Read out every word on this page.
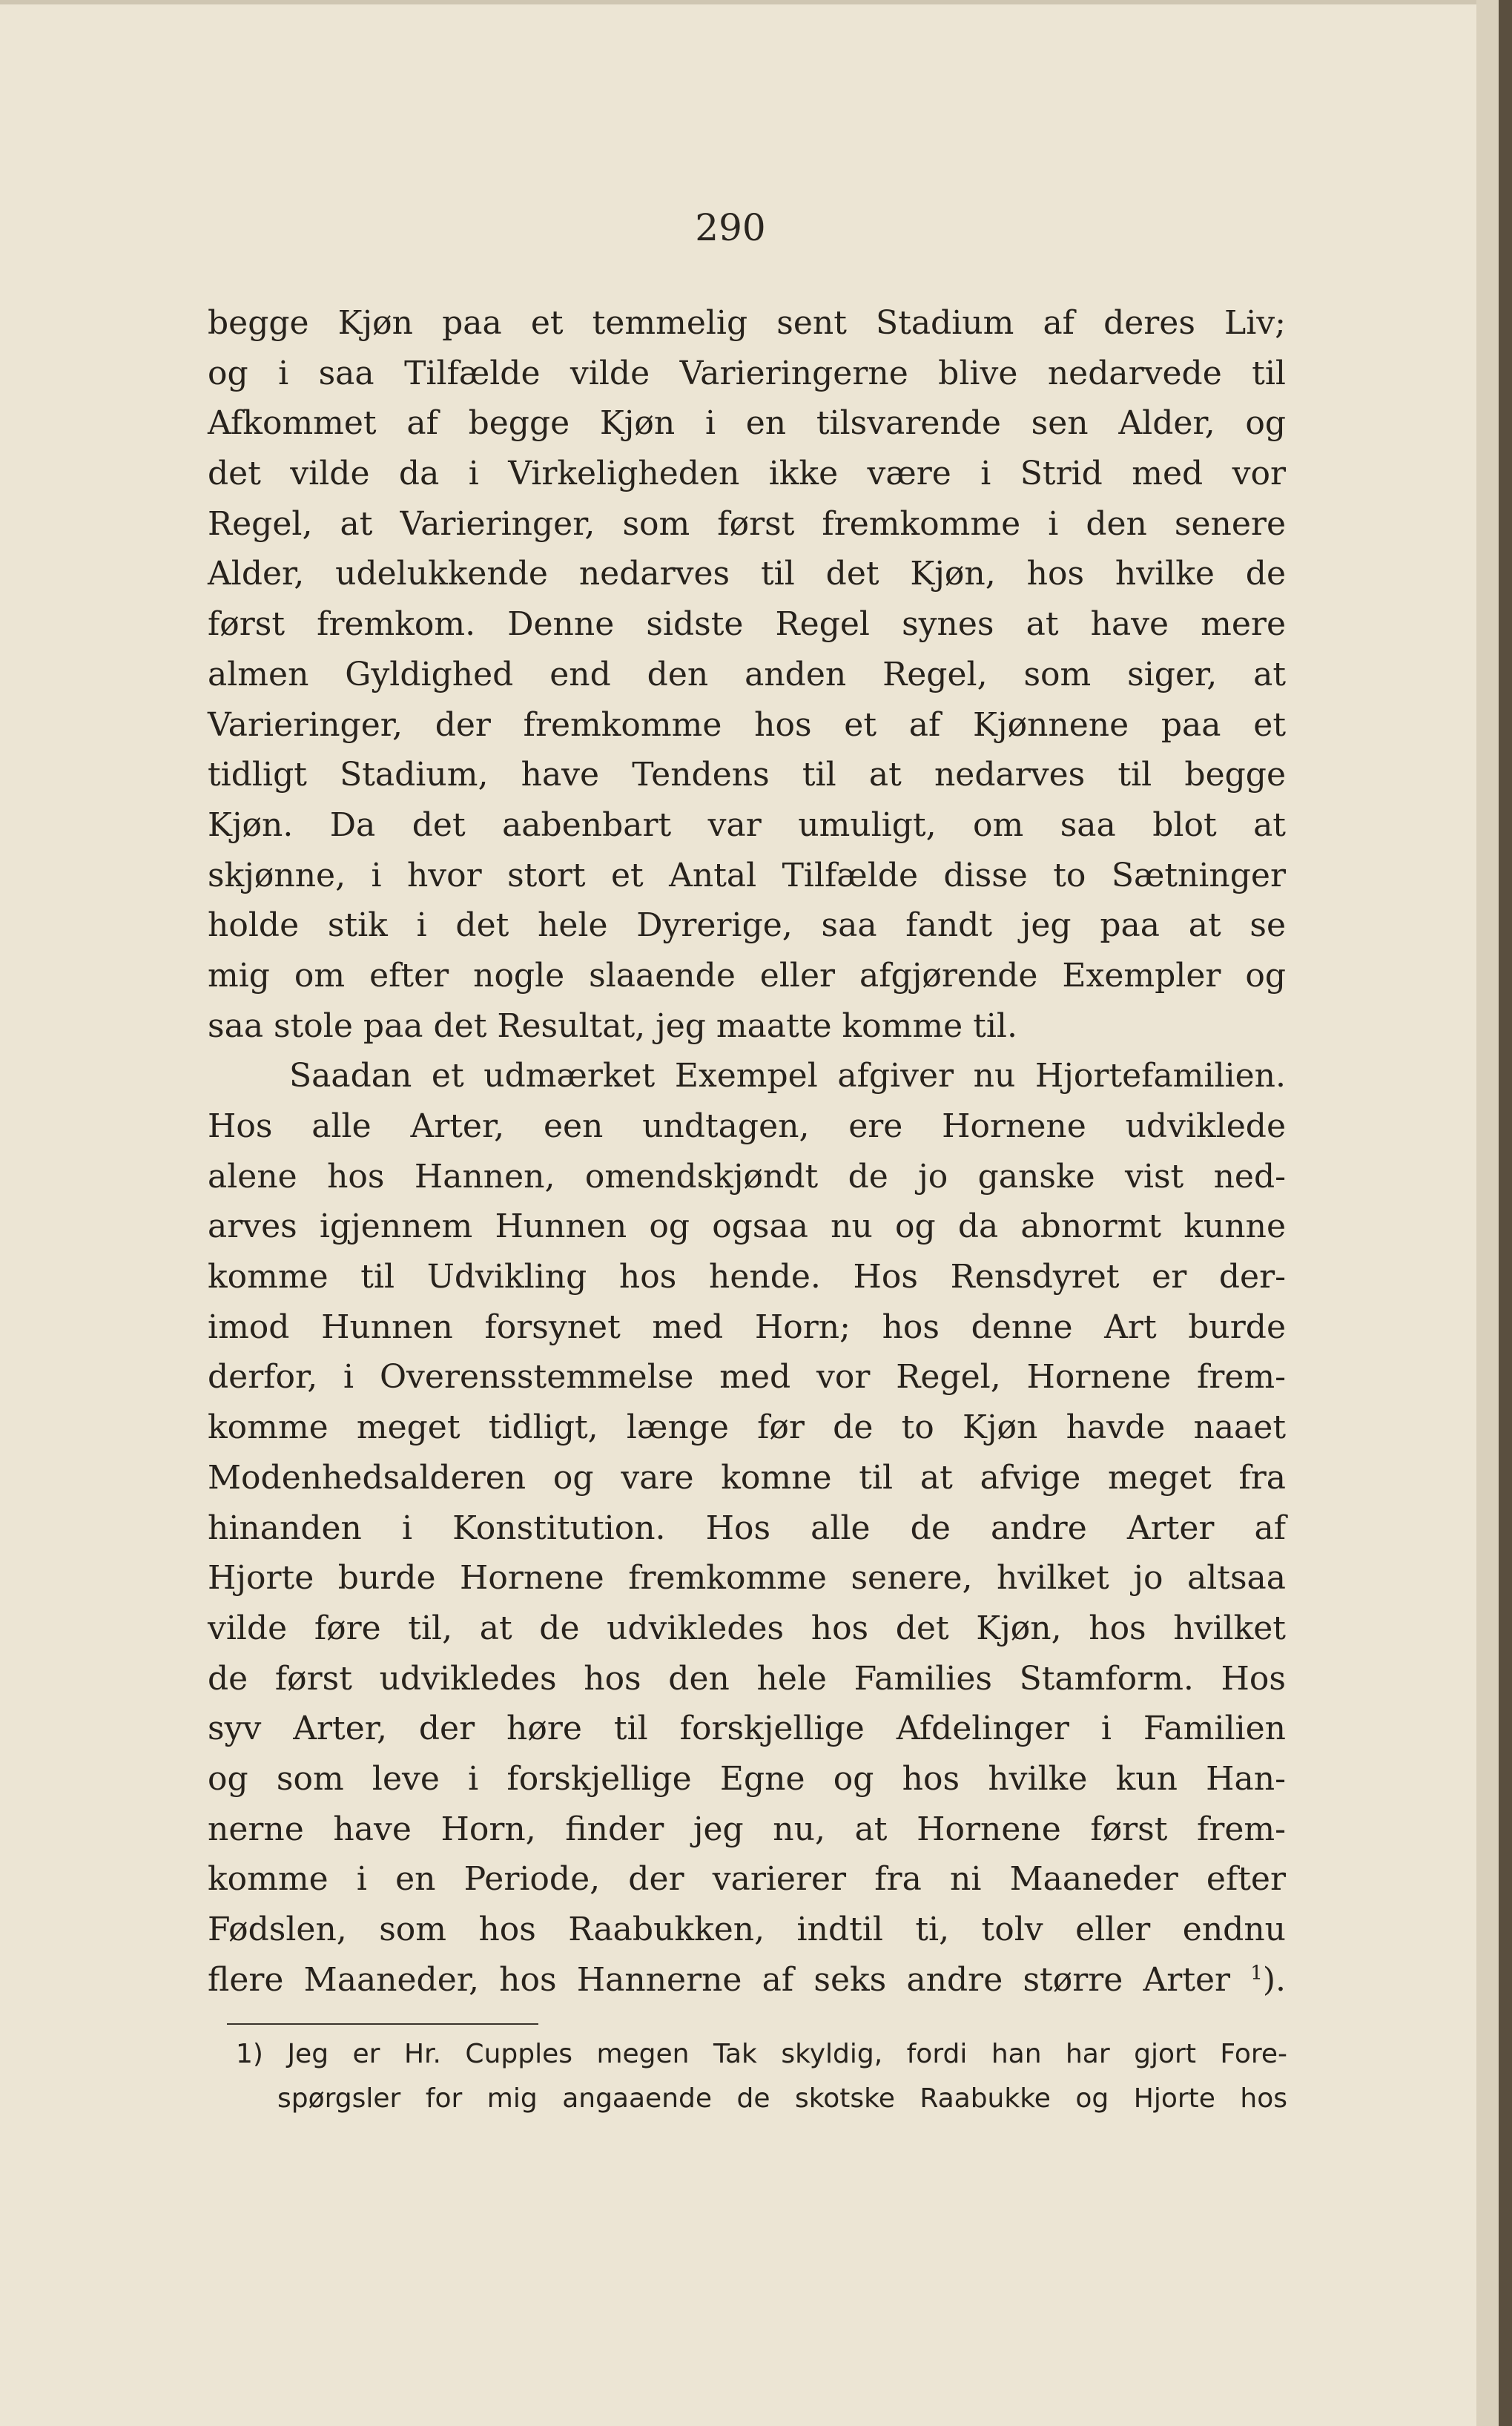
290

begge Kjøn paa et temmelig sent Stadium af deres Liv;
og i saa Tilfælde vilde Varieringerne blive nedarvede til
Afkommet af begge Kjøn i en tilsvarende sen Alder, og
det vilde da i Virkeligheden ikke være i Strid med vor
Regel, at Varieringer, som først fremkomme i den senere
Alder, udelukkende nedarves til det Kjøn, hos hvilke de
først fremkom. Denne sidste Regel synes at have mere
almen Gyldighed end den anden Regel, som siger, at
Varieringer, der fremkomme hos et af Kjønnene paa et
tidligt Stadium, have Tendens til at nedarves til begge
Kjøn. Da det aabenbart var umuligt, om saa blot at
skjønne, i hvor stort et Antal Tilfælde disse to Sætninger
holde stik i det hele Dyrerige, saa fandt jeg paa at se
mig om efter nogle slaaende eller afgjørende Exempler og
saa stole paa det Resultat, jeg maatte komme til.
Saadan et udmærket Exempel afgiver nu Hjortefamilien.
Hos alle Arter, een undtagen, ere Hornene udviklede
alene hos Hannen, omendskjøndt de jo ganske vist ned-
arves igjennem Hunnen og ogsaa nu og da abnormt kunne
komme til Udvikling hos hende. Hos Rensdyret er der-
imod Hunnen forsynet med Horn; hos denne Art burde
derfor, i Overensstemmelse med vor Regel, Hornene frem-
komme meget tidligt, længe før de to Kjøn havde naaet
Modenhedsalderen og vare komne til at afvige meget fra
hinanden i Konstitution. Hos alle de andre Arter af
Hjorte burde Hornene fremkomme senere, hvilket jo altsaa
vilde føre til, at de udvikledes hos det Kjøn, hos hvilket
de først udvikledes hos den hele Families Stamform. Hos
syv Arter, der høre til forskjellige Afdelinger i Familien
og som leve i forskjellige Egne og hos hvilke kun Han-
nerne have Horn, finder jeg nu, at Hornene først frem-
komme i en Periode, der varierer fra ni Maaneder efter
Fødslen, som hos Raabukken, indtil ti, tolv eller endnu
flere Maaneder, hos Hannerne af seks andre større Arter $^1$).
1) Jeg er Hr. Cupples megen Tak skyldig, fordi han har gjort Fore-
spørgsler for mig angaaende de skotske Raabukke og Hjorte hos
